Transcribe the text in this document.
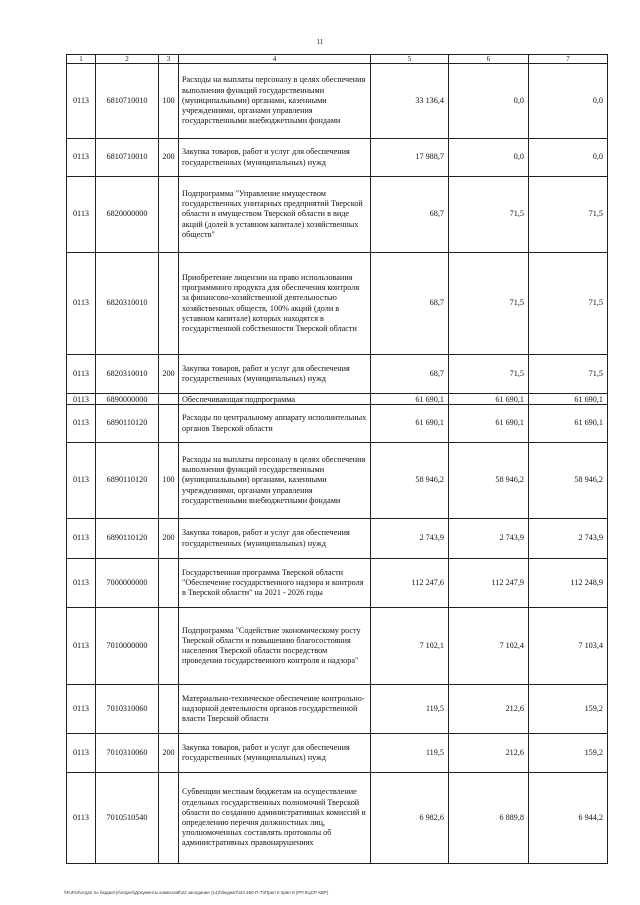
11
1	2	3	4	5	6	7
0113	6810710010	100	Расходы на выплаты персоналу в целях обеспечения выполнения функций государственными (муниципальными) органами, казенными учреждениями, органами управления государственными внебюджетными фондами	33 136,4	0,0	0,0
0113	6810710010	200	Закупка товаров, работ и услуг для обеспечения государственных (муниципальных) нужд	17 988,7	0,0	0,0
0113	6820000000		Подпрограмма "Управление имуществом государственных унитарных предприятий Тверской области и имуществом Тверской области в виде акций (долей в уставном капитале) хозяйственных обществ"	68,7	71,5	71,5
0113	6820310010		Приобретение лицензии на право использования программного продукта для обеспечения контроля за финансово-хозяйственной деятельностью хозяйственных обществ, 100% акций (доли в уставном капитале) которых находятся в государственной собственности Тверской области	68,7	71,5	71,5
0113	6820310010	200	Закупка товаров, работ и услуг для обеспечения государственных (муниципальных) нужд	68,7	71,5	71,5
0113	6890000000		Обеспечивающая подпрограмма	61 690,1	61 690,1	61 690,1
0113	6890110120		Расходы по центральному аппарату исполнительных органов Тверской области	61 690,1	61 690,1	61 690,1
0113	6890110120	100	Расходы на выплаты персоналу в целях обеспечения выполнения функций государственными (муниципальными) органами, казенными учреждениями, органами управления государственными внебюджетными фондами	58 946,2	58 946,2	58 946,2
0113	6890110120	200	Закупка товаров, работ и услуг для обеспечения государственных (муниципальных) нужд	2 743,9	2 743,9	2 743,9
0113	7000000000		Государственная программа Тверской области "Обеспечение государственного надзора и контроля в Тверской области" на 2021 - 2026 годы	112 247,6	112 247,9	112 248,9
0113	7010000000		Подпрограмма "Содействие экономическому росту Тверской области и повышению благосостояния населения Тверской области посредством проведения государственного контроля и надзора"	7 102,1	7 102,4	7 103,4
0113	7010310060		Материально-техническое обеспечение контрольно-надзорной деятельности органов государственной власти Тверской области	119,5	212,6	159,2
0113	7010310060	200	Закупка товаров, работ и услуг для обеспечения государственных (муниципальных) нужд	119,5	212,6	159,2
0113	7010510540		Субвенции местным бюджетам на осуществление отдельных государственных полномочий Тверской области по созданию административных комиссий и определению перечня должностных лиц, уполномоченных составлять протоколы об административных правонарушениях	6 982,6	6 889,8	6 944,2
\\FuFin\\отдел по бюджету\\отдел\\Документы комиссий\\24 заседание (14)\\бюджет\\24 460-П-7\\Прил 5 прил 8 (РП КЦСР КВР)
